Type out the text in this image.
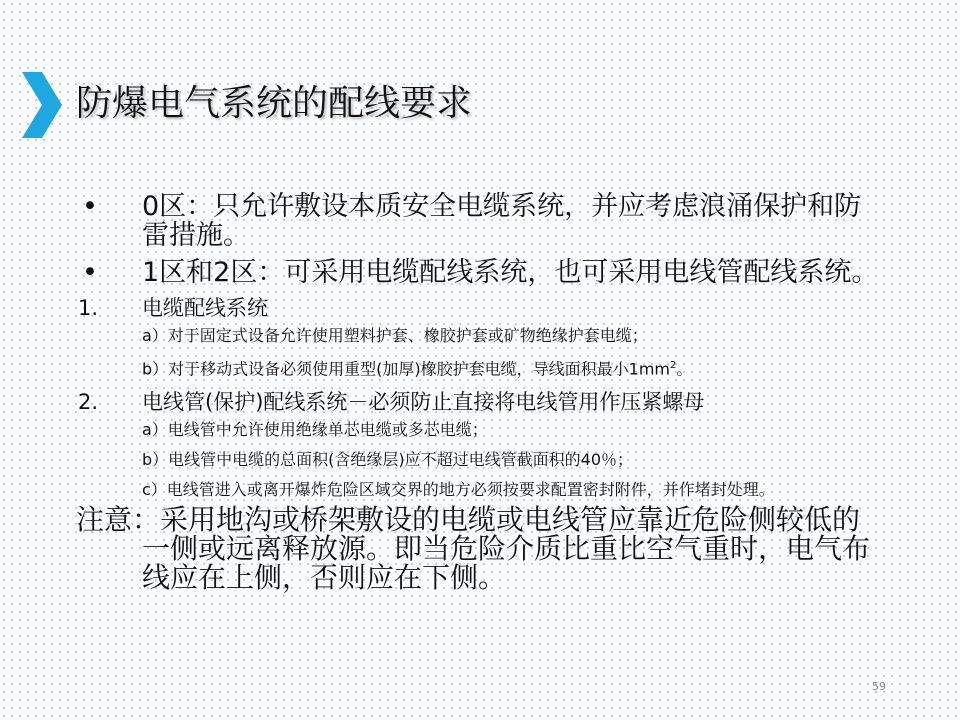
防爆电气系统的配线要求
• 0区：只允许敷设本质安全电缆系统，并应考虑浪涌保护和防雷措施。
• 1区和2区：可采用电缆配线系统，也可采用电线管配线系统。
1. 电缆配线系统
a）对于固定式设备允许使用塑料护套、橡胶护套或矿物绝缘护套电缆；
b）对于移动式设备必须使用重型(加厚)橡胶护套电缆，导线面积最小$1mm^2$。
2. 电线管(保护)配线系统－必须防止直接将电线管用作压紧螺母
a）电线管中允许使用绝缘单芯电缆或多芯电缆；
b）电线管中电缆的总面积(含绝缘层)应不超过电线管截面积的40％；
c）电线管进入或离开爆炸危险区域交界的地方必须按要求配置密封附件，并作堵封处理。
注意：采用地沟或桥架敷设的电缆或电线管应靠近危险侧较低的一侧或远离释放源。即当危险介质比重比空气重时，电气布线应在上侧，否则应在下侧。
59
